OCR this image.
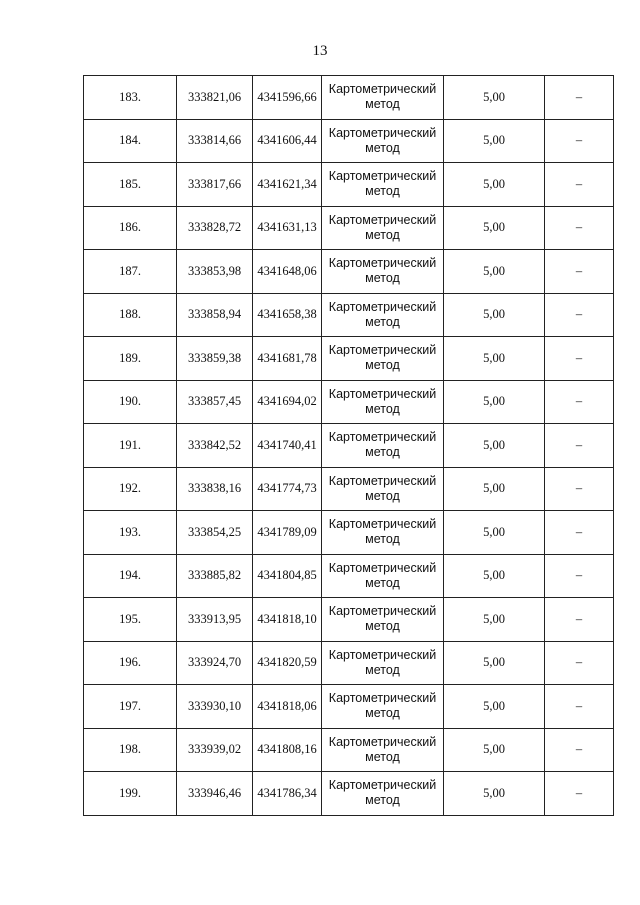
13
183.	333821,06	4341596,66	Картометрический метод	5,00	–
184.	333814,66	4341606,44	Картометрический метод	5,00	–
185.	333817,66	4341621,34	Картометрический метод	5,00	–
186.	333828,72	4341631,13	Картометрический метод	5,00	–
187.	333853,98	4341648,06	Картометрический метод	5,00	–
188.	333858,94	4341658,38	Картометрический метод	5,00	–
189.	333859,38	4341681,78	Картометрический метод	5,00	–
190.	333857,45	4341694,02	Картометрический метод	5,00	–
191.	333842,52	4341740,41	Картометрический метод	5,00	–
192.	333838,16	4341774,73	Картометрический метод	5,00	–
193.	333854,25	4341789,09	Картометрический метод	5,00	–
194.	333885,82	4341804,85	Картометрический метод	5,00	–
195.	333913,95	4341818,10	Картометрический метод	5,00	–
196.	333924,70	4341820,59	Картометрический метод	5,00	–
197.	333930,10	4341818,06	Картометрический метод	5,00	–
198.	333939,02	4341808,16	Картометрический метод	5,00	–
199.	333946,46	4341786,34	Картометрический метод	5,00	–
